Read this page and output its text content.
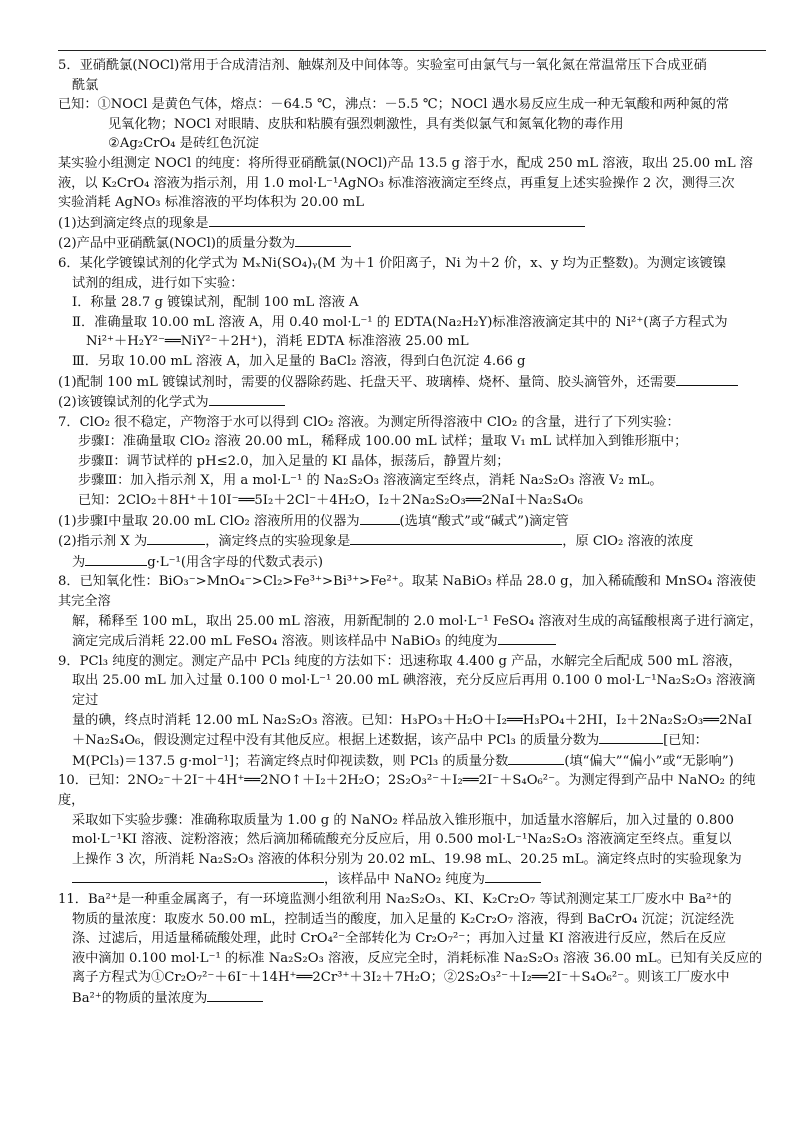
5．亚硝酰氯(NOCl)常用于合成清洁剂、触媒剂及中间体等。实验室可由氯气与一氧化氮在常温常压下合成亚硝

酰氯

已知：①NOCl 是黄色气体，熔点：－64.5 ℃，沸点：－5.5 ℃；NOCl 遇水易反应生成一种无氧酸和两种氮的常

见氧化物；NOCl 对眼睛、皮肤和粘膜有强烈刺激性，具有类似氯气和氮氧化物的毒作用

②Ag₂CrO₄ 是砖红色沉淀

某实验小组测定 NOCl 的纯度：将所得亚硝酰氯(NOCl)产品 13.5 g 溶于水，配成 250 mL 溶液，取出 25.00 mL 溶

液，以 K₂CrO₄ 溶液为指示剂，用 1.0 mol·L⁻¹AgNO₃ 标准溶液滴定至终点，再重复上述实验操作 2 次，测得三次

实验消耗 AgNO₃ 标准溶液的平均体积为 20.00 mL

(1)达到滴定终点的现象是

(2)产品中亚硝酰氯(NOCl)的质量分数为

6．某化学镀镍试剂的化学式为 MₓNi(SO₄)ᵧ(M 为＋1 价阳离子，Ni 为＋2 价，x、y 均为正整数)。为测定该镀镍

试剂的组成，进行如下实验：

Ⅰ．称量 28.7 g 镀镍试剂，配制 100 mL 溶液 A

Ⅱ．准确量取 10.00 mL 溶液 A，用 0.40 mol·L⁻¹ 的 EDTA(Na₂H₂Y)标准溶液滴定其中的 Ni²⁺(离子方程式为

Ni²⁺＋H₂Y²⁻══NiY²⁻＋2H⁺)，消耗 EDTA 标准溶液 25.00 mL

Ⅲ．另取 10.00 mL 溶液 A，加入足量的 BaCl₂ 溶液，得到白色沉淀 4.66 g

(1)配制 100 mL 镀镍试剂时，需要的仪器除药匙、托盘天平、玻璃棒、烧杯、量筒、胶头滴管外，还需要

(2)该镀镍试剂的化学式为

7．ClO₂ 很不稳定，产物溶于水可以得到 ClO₂ 溶液。为测定所得溶液中 ClO₂ 的含量，进行了下列实验：

步骤Ⅰ：准确量取 ClO₂ 溶液 20.00 mL，稀释成 100.00 mL 试样；量取 V₁ mL 试样加入到锥形瓶中；

步骤Ⅱ：调节试样的 pH≤2.0，加入足量的 KI 晶体，振荡后，静置片刻；

步骤Ⅲ：加入指示剂 X，用 a mol·L⁻¹ 的 Na₂S₂O₃ 溶液滴定至终点，消耗 Na₂S₂O₃ 溶液 V₂ mL。

已知：2ClO₂＋8H⁺＋10I⁻══5I₂＋2Cl⁻＋4H₂O，I₂＋2Na₂S₂O₃══2NaI＋Na₂S₄O₆

(1)步骤Ⅰ中量取 20.00 mL ClO₂ 溶液所用的仪器为	(选填“酸式”或“碱式”)滴定管

(2)指示剂 X 为	，滴定终点的实验现象是	，原 ClO₂ 溶液的浓度

为	g·L⁻¹(用含字母的代数式表示)

8．已知氧化性：BiO₃⁻>MnO₄⁻>Cl₂>Fe³⁺>Bi³⁺>Fe²⁺。取某 NaBiO₃ 样品 28.0 g，加入稀硫酸和 MnSO₄ 溶液使其完全溶

解，稀释至 100 mL，取出 25.00 mL 溶液，用新配制的 2.0 mol·L⁻¹ FeSO₄ 溶液对生成的高锰酸根离子进行滴定，

滴定完成后消耗 22.00 mL FeSO₄ 溶液。则该样品中 NaBiO₃ 的纯度为

9．PCl₃ 纯度的测定。测定产品中 PCl₃ 纯度的方法如下：迅速称取 4.400 g 产品，水解完全后配成 500 mL 溶液，

取出 25.00 mL 加入过量 0.100 0 mol·L⁻¹ 20.00 mL 碘溶液，充分反应后再用 0.100 0 mol·L⁻¹Na₂S₂O₃ 溶液滴定过

量的碘，终点时消耗 12.00 mL Na₂S₂O₃ 溶液。已知：H₃PO₃＋H₂O＋I₂══H₃PO₄＋2HI，I₂＋2Na₂S₂O₃══2NaI

＋Na₂S₄O₆，假设测定过程中没有其他反应。根据上述数据，该产品中 PCl₃ 的质量分数为	[已知：

M(PCl₃)＝137.5 g·mol⁻¹]；若滴定终点时仰视读数，则 PCl₃ 的质量分数	(填“偏大”“偏小”或“无影响”)

10．已知：2NO₂⁻＋2I⁻＋4H⁺══2NO↑＋I₂＋2H₂O；2S₂O₃²⁻＋I₂══2I⁻＋S₄O₆²⁻。为测定得到产品中 NaNO₂ 的纯度，

采取如下实验步骤：准确称取质量为 1.00 g 的 NaNO₂ 样品放入锥形瓶中，加适量水溶解后，加入过量的 0.800

mol·L⁻¹KI 溶液、淀粉溶液；然后滴加稀硫酸充分反应后，用 0.500 mol·L⁻¹Na₂S₂O₃ 溶液滴定至终点。重复以

上操作 3 次，所消耗 Na₂S₂O₃ 溶液的体积分别为 20.02 mL、19.98 mL、20.25 mL。滴定终点时的实验现象为

，该样品中 NaNO₂ 纯度为

11．Ba²⁺是一种重金属离子，有一环境监测小组欲利用 Na₂S₂O₃、KI、K₂Cr₂O₇ 等试剂测定某工厂废水中 Ba²⁺的

物质的量浓度：取废水 50.00 mL，控制适当的酸度，加入足量的 K₂Cr₂O₇ 溶液，得到 BaCrO₄ 沉淀；沉淀经洗

涤、过滤后，用适量稀硫酸处理，此时 CrO₄²⁻全部转化为 Cr₂O₇²⁻；再加入过量 KI 溶液进行反应，然后在反应

液中滴加 0.100 mol·L⁻¹ 的标准 Na₂S₂O₃ 溶液，反应完全时，消耗标准 Na₂S₂O₃ 溶液 36.00 mL。已知有关反应的

离子方程式为①Cr₂O₇²⁻＋6I⁻＋14H⁺══2Cr³⁺＋3I₂＋7H₂O；②2S₂O₃²⁻＋I₂══2I⁻＋S₄O₆²⁻。则该工厂废水中

Ba²⁺的物质的量浓度为
